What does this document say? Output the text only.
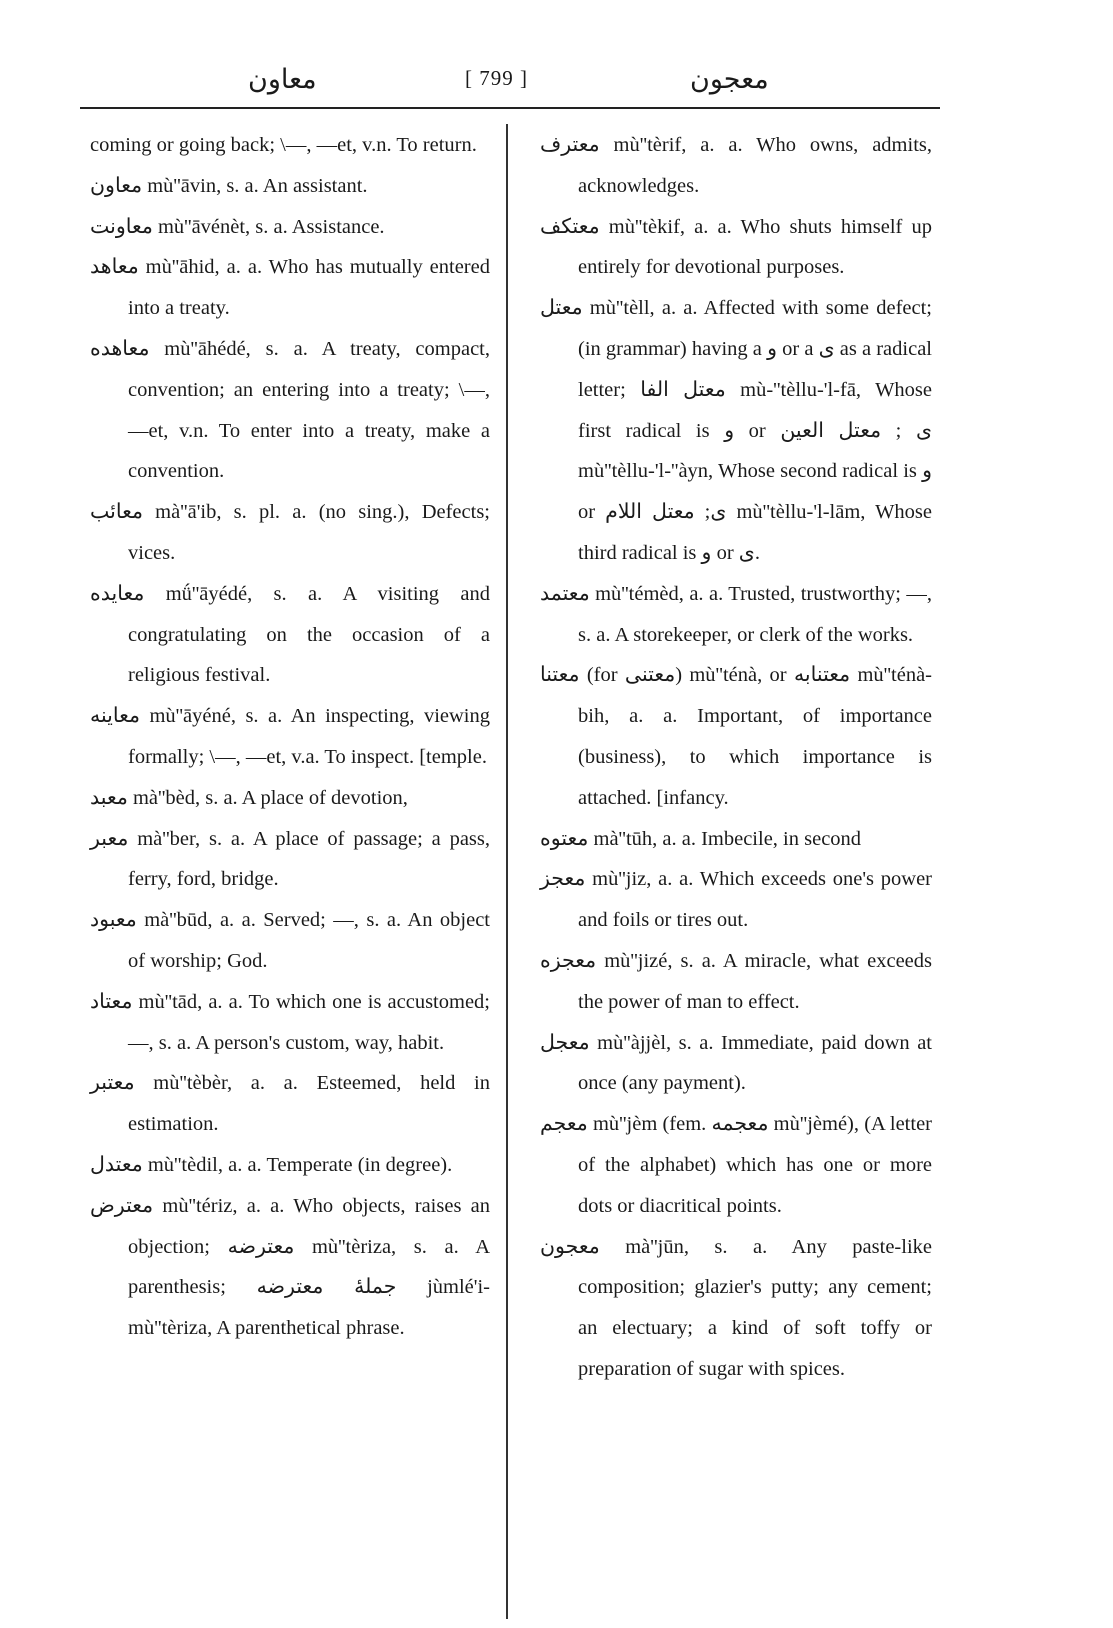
معاون	[ 799 ]	معجون
coming or going back; \—, —et, v.n. To return.
معاون mù''āvin, s. a. An assistant.
معاونت mù''āvénèt, s. a. Assistance.
معاهد mù''āhid, a. a. Who has mutually entered into a treaty.
معاهده mù''āhédé, s. a. A treaty, compact, convention; an entering into a treaty; \—, —et, v.n. To enter into a treaty, make a convention.
معائب mà''ā'ib, s. pl. a. (no sing.), Defects; vices.
معايده mǘ''āyédé, s. a. A visiting and congratulating on the occasion of a religious festival.
معاينه mù''āyéné, s. a. An inspecting, viewing formally; \—, —et, v.a. To inspect. [temple.
معبد mà''bèd, s. a. A place of devotion,
معبر mà''ber, s. a. A place of passage; a pass, ferry, ford, bridge.
معبود mà''būd, a. a. Served; —, s. a. An object of worship; God.
معتاد mù''tād, a. a. To which one is accustomed; —, s. a. A person's custom, way, habit.
معتبر mù''tèbèr, a. a. Esteemed, held in estimation.
معتدل mù''tèdil, a. a. Temperate (in degree).
معترض mù''tériz, a. a. Who objects, raises an objection; معترضه mù''tèriza, s. a. A parenthesis; جملهٔ معترضه jùmlé'i-mù''tèriza, A parenthetical phrase.
معترف mù''tèrif, a. a. Who owns, admits, acknowledges.
معتكف mù''tèkif, a. a. Who shuts himself up entirely for devotional purposes.
معتل mù''tèll, a. a. Affected with some defect; (in grammar) having a و or a ى as a radical letter; معتل الفا mù-''tèllu-'l-fā, Whose first radical is و or ى ; معتل العين mù''tèllu-'l-''àyn, Whose second radical is و or ى; معتل اللام mù''tèllu-'l-lām, Whose third radical is و or ى.
معتمد mù''témèd, a. a. Trusted, trustworthy; —, s. a. A storekeeper, or clerk of the works.
معتنا (for معتنى) mù''ténà, or معتنابه mù''ténà-bih, a. a. Important, of importance (business), to which importance is attached. [infancy.
معتوه mà''tūh, a. a. Imbecile, in second
معجز mù''jiz, a. a. Which exceeds one's power and foils or tires out.
معجزه mù''jizé, s. a. A miracle, what exceeds the power of man to effect.
معجل mù''àjjèl, s. a. Immediate, paid down at once (any payment).
معجم mù''jèm (fem. معجمه mù''jèmé), (A letter of the alphabet) which has one or more dots or diacritical points.
معجون mà''jūn, s. a. Any paste-like composition; glazier's putty; any cement; an electuary; a kind of soft toffy or preparation of sugar with spices.
